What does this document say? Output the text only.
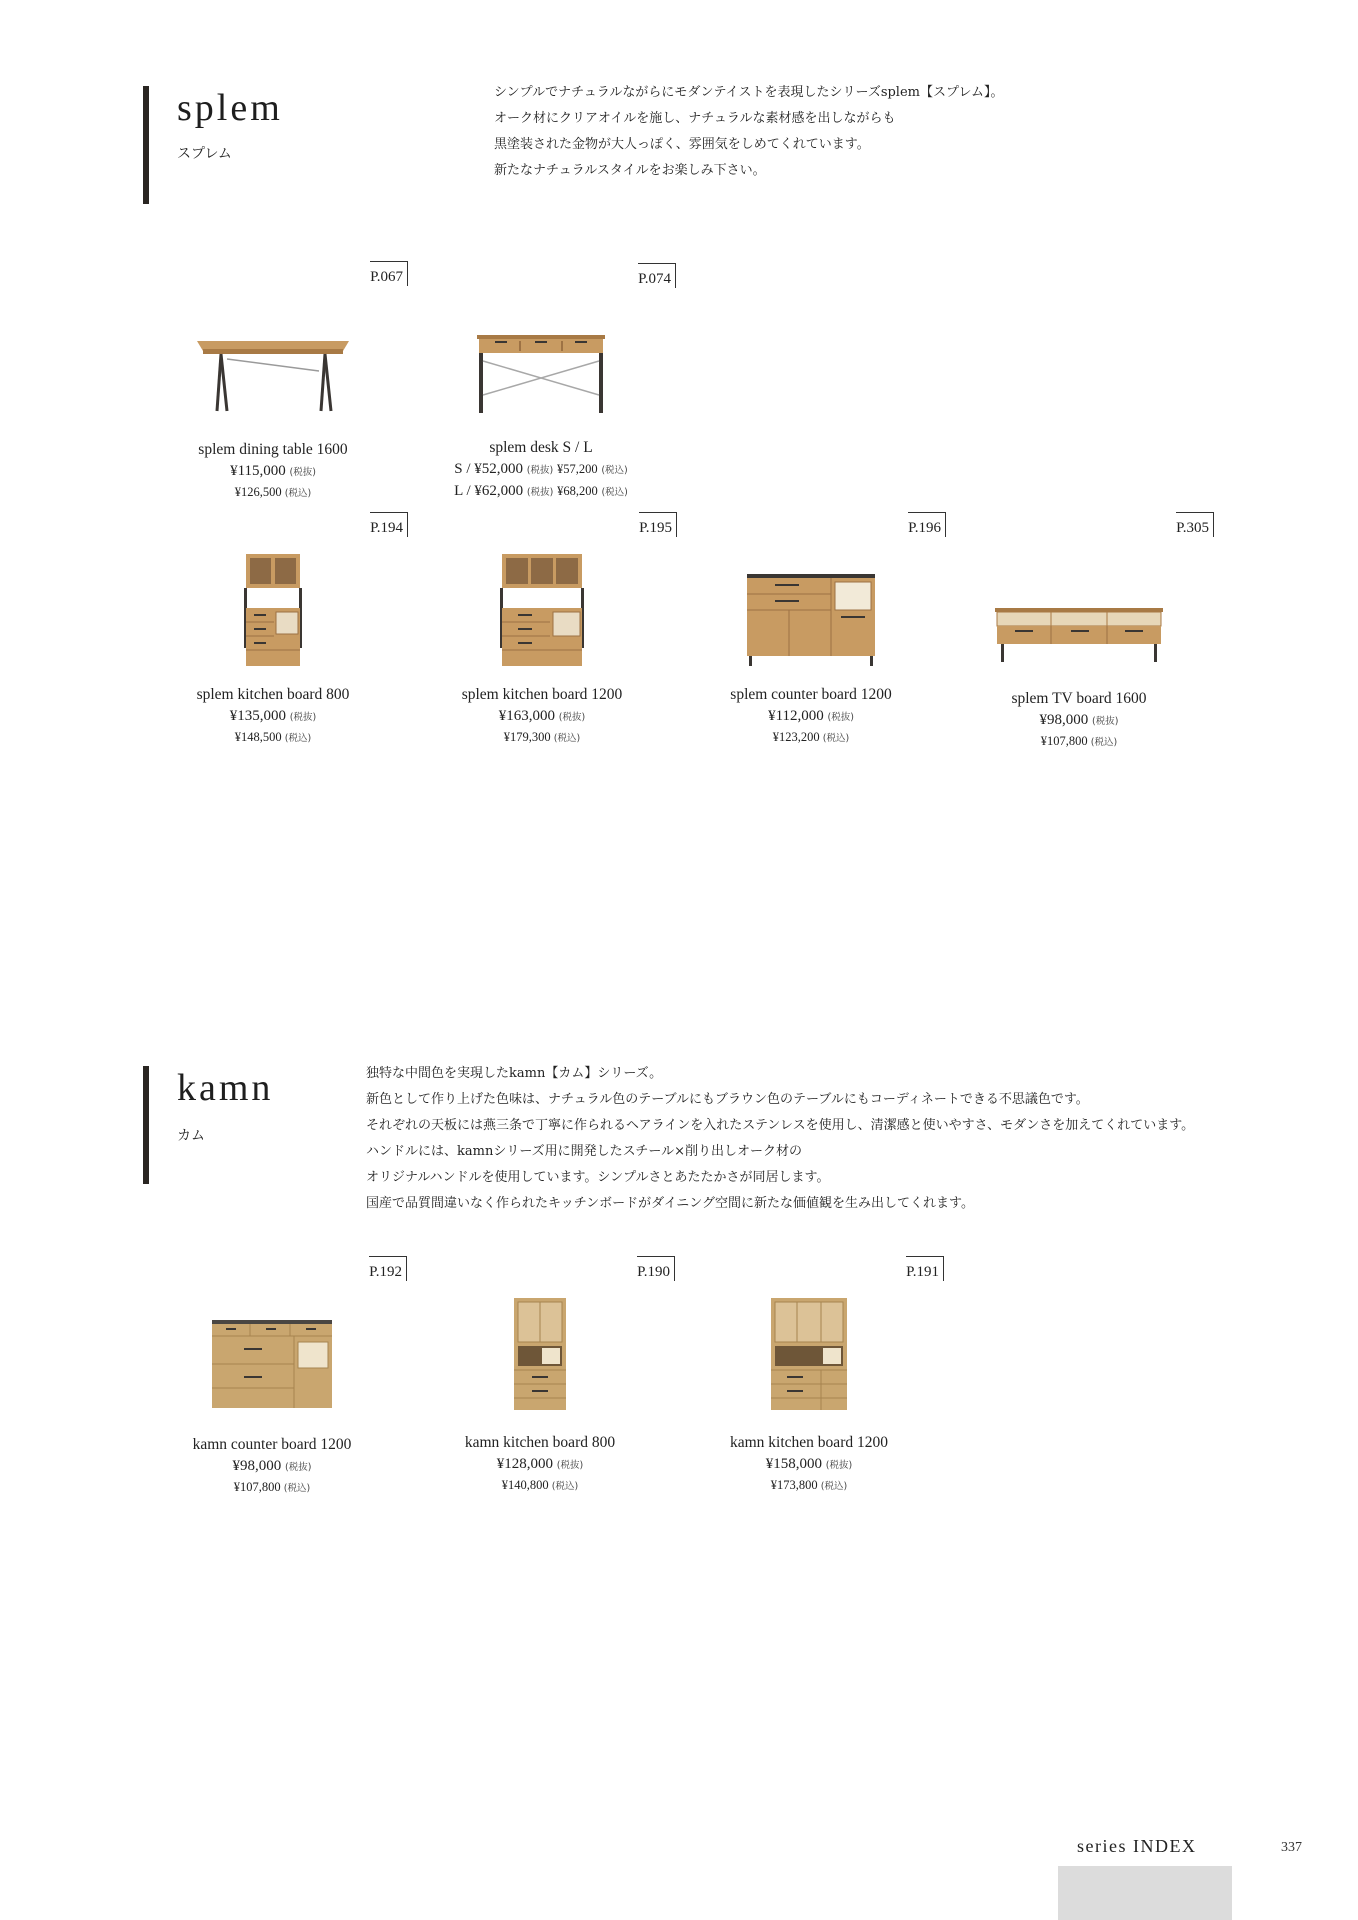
splem
スプレム
シンプルでナチュラルながらにモダンテイストを表現したシリーズsplem【スプレム】。
オーク材にクリアオイルを施し、ナチュラルな素材感を出しながらも
黒塗装された金物が大人っぽく、雰囲気をしめてくれています。
新たなナチュラルスタイルをお楽しみ下さい。
P.067
splem dining table 1600
¥115,000 (税抜)
¥126,500 (税込)
P.074
splem desk S / L
S / ¥52,000 (税抜) ¥57,200 (税込)
L / ¥62,000 (税抜) ¥68,200 (税込)
P.194
splem kitchen board 800
¥135,000 (税抜)
¥148,500 (税込)
P.195
splem kitchen board 1200
¥163,000 (税抜)
¥179,300 (税込)
P.196
splem counter board 1200
¥112,000 (税抜)
¥123,200 (税込)
P.305
splem TV board 1600
¥98,000 (税抜)
¥107,800 (税込)
kamn
カム
独特な中間色を実現したkamn【カム】シリーズ。
新色として作り上げた色味は、ナチュラル色のテーブルにもブラウン色のテーブルにもコーディネートできる不思議色です。
それぞれの天板には燕三条で丁寧に作られるヘアラインを入れたステンレスを使用し、清潔感と使いやすさ、モダンさを加えてくれています。
ハンドルには、kamnシリーズ用に開発したスチール×削り出しオーク材の
オリジナルハンドルを使用しています。シンプルさとあたたかさが同居します。
国産で品質間違いなく作られたキッチンボードがダイニング空間に新たな価値観を生み出してくれます。
P.192
kamn counter board 1200
¥98,000 (税抜)
¥107,800 (税込)
P.190
kamn kitchen board 800
¥128,000 (税抜)
¥140,800 (税込)
P.191
kamn kitchen board 1200
¥158,000 (税抜)
¥173,800 (税込)
series INDEX	337
